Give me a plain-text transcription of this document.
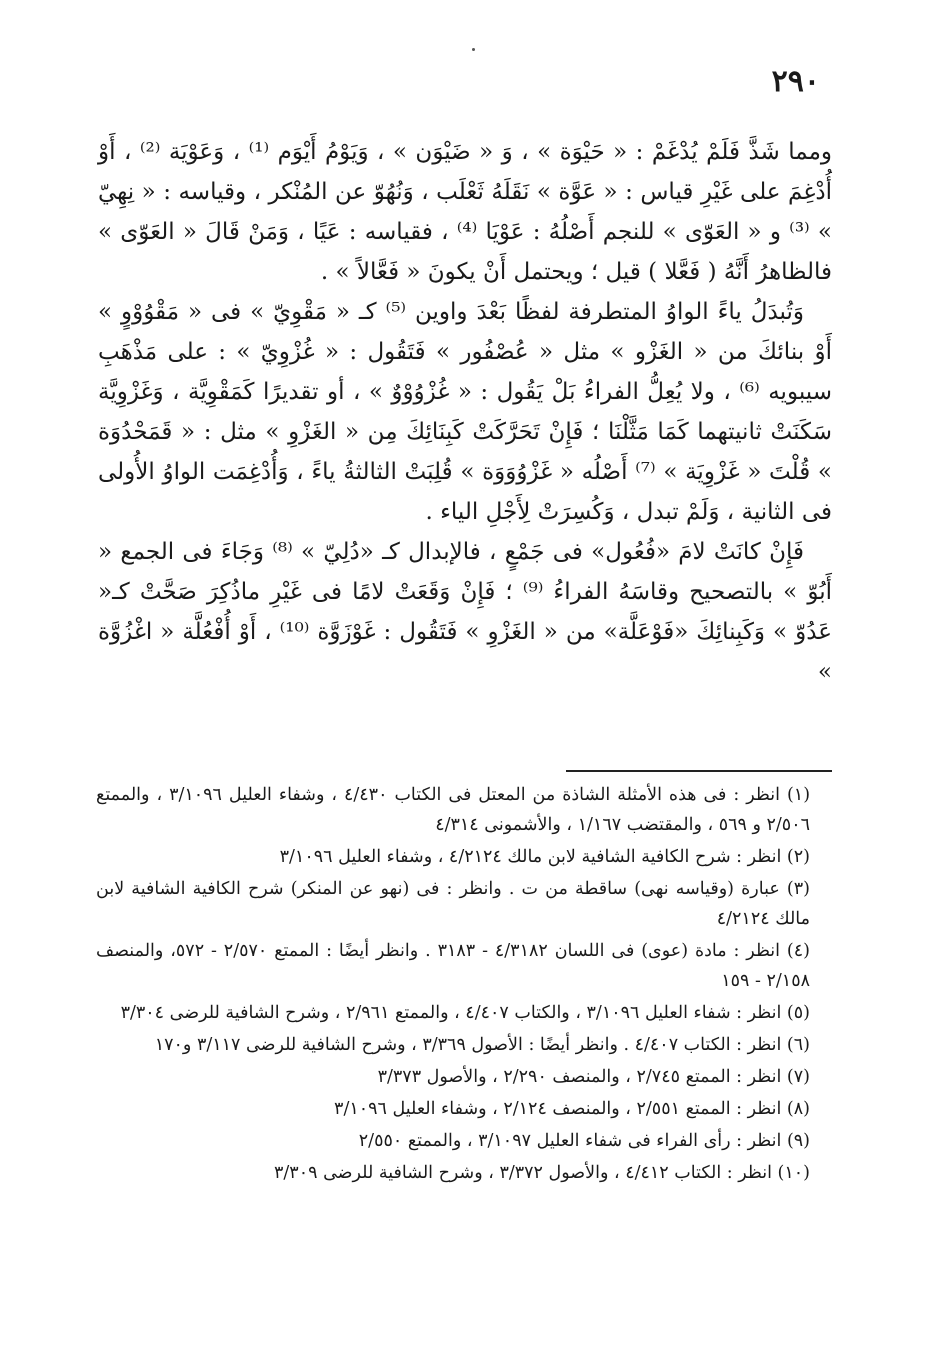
٢٩٠

ومما شَذَّ فَلَمْ يُدْغَمْ : « حَيْوَة » ، وَ « ضَيْوَن » ، وَيَوْمُ أَيْوَم ⁽¹⁾ ، وَعَوْيَة ⁽²⁾ ، أَوْ أُدْغِمَ على غَيْرِ قياس : « عَوَّة » نَقَلَهُ ثَعْلَب ، وَنُهُوّ عن المُنْكر ، وقياسه : « نِهِيّ » ⁽³⁾ و « العَوّى » للنجم أَصْلُهُ : عَوْيَا ⁽⁴⁾ ، فقياسه : عَيًا ، وَمَنْ قَالَ « العَوّى » فالظاهرُ أَنَّهُ ( فَعَّلا ) قيل ؛ ويحتمل أَنْ يكونَ « فَعَّالاً » .

وَتُبدَلُ ياءً الواوُ المتطرفة لفظًا بَعْدَ واوين ⁽⁵⁾ كـ « مَقْوِيّ » فى « مَقْوُوْوٍ » أَوْ بنائكَ من « الغَزْو » مثل « عُصْفُور » فَتَقُول : « غُزْوِيّ » : على مَذْهَبِ سيبويه ⁽⁶⁾ ، ولا يُعِلُّ الفراءُ بَلْ يَقُول : « غُزْوُوْوٌ » ، أو تقديرًا كَمَقْوِيَّة ، وَغَزْوِيَّة سَكَنَتْ ثانيتهما كَمَا مَثَّلْنَا ؛ فَإِنْ تَحَرَّكَتْ كَبِنَائِكَ مِن « الغَزْوِ » مثل : « قَمَحْدُوَة » قُلْتَ « غَزْوِيَة » ⁽⁷⁾ أَصْلُه « غَزْوُوَوَة » قُلِبَتْ الثالثةُ ياءً ، وَأُدْغِمَت الواوُ الأُولى فى الثانية ، وَلَمْ تبدل ، وَكُسِرَتْ لِأَجْلِ الياء .

فَإِنْ كانَتْ لامَ «فُعُول» فى جَمْعٍ ، فالإبدال كـ «دُلِيّ » ⁽⁸⁾ وَجَاءَ فى الجمع « أَبُوّ » بالتصحيح وقاسَهُ الفراءُ ⁽⁹⁾ ؛ فَإِنْ وَقَعَتْ لامًا فى غَيْرِ ماذُكِرَ صَحَّتْ كـ« عَدُوّ » وَكَبِنائِكَ «فَوْعَلَّة» من « الغَزْوِ » فَتَقُول : غَوْزَوَّة ⁽¹⁰⁾ ، أَوْ أُفْعُلَّة « اغْزُوَّة »

(١) انظر : فى هذه الأمثلة الشاذة من المعتل فى الكتاب ٤/٤٣٠ ، وشفاء العليل ٣/١٠٩٦ ، والممتع ٢/٥٠٦ و ٥٦٩ ، والمقتضب ١/١٦٧ ، والأشمونى ٤/٣١٤

(٢) انظر : شرح الكافية الشافية لابن مالك ٤/٢١٢٤ ، وشفاء العليل ٣/١٠٩٦

(٣) عبارة (وقياسه نهى) ساقطة من ت . وانظر : فى (نهو عن المنكر) شرح الكافية الشافية لابن مالك ٤/٢١٢٤

(٤) انظر : مادة (عوى) فى اللسان ٤/٣١٨٢ - ٣١٨٣ . وانظر أيضًا : الممتع ٢/٥٧٠ - ٥٧٢، والمنصف ٢/١٥٨ - ١٥٩

(٥) انظر : شفاء العليل ٣/١٠٩٦ ، والكتاب ٤/٤٠٧ ، والممتع ٢/٩٦١ ، وشرح الشافية للرضى ٣/٣٠٤

(٦) انظر : الكتاب ٤/٤٠٧ . وانظر أيضًا : الأصول ٣/٣٦٩ ، وشرح الشافية للرضى ٣/١١٧ و١٧٠

(٧) انظر : الممتع ٢/٧٤٥ ، والمنصف ٢/٢٩٠ ، والأصول ٣/٣٧٣

(٨) انظر : الممتع ٢/٥٥١ ، والمنصف ٢/١٢٤ ، وشفاء العليل ٣/١٠٩٦

(٩) انظر : رأى الفراء فى شفاء العليل ٣/١٠٩٧ ، والممتع ٢/٥٥٠

(١٠) انظر : الكتاب ٤/٤١٢ ، والأصول ٣/٣٧٢ ، وشرح الشافية للرضى ٣/٣٠٩
